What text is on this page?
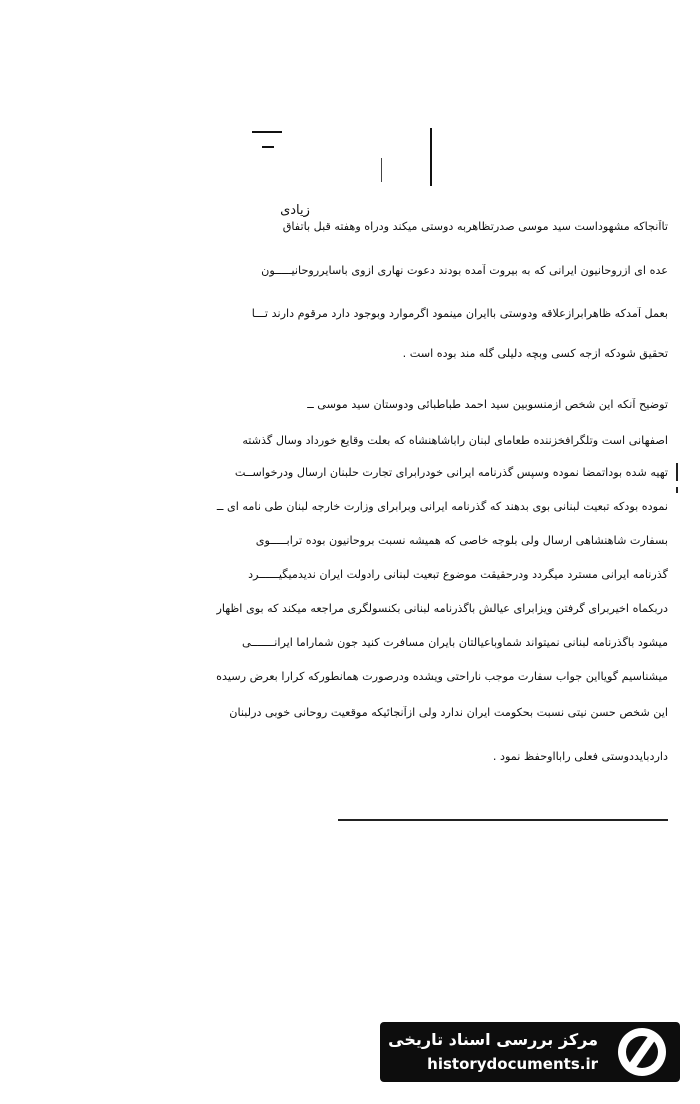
زیادی
تاآنجاکه مشهوداست سید موسی صدرتظاهربه دوستی میکند ودراه وهفته قبل باتفاق
عده ای ازروحانیون ایرانی که به بیروت آمده بودند دعوت نهاری ازوی باسایرروحانیـــــون
بعمل آمدکه ظاهرابرازعلاقه ودوستی باایران مینمود اگرموارد وبوجود دارد مرقوم دارند تـــا
تحقیق شودکه ازجه کسی وبچه دلیلی گله مند بوده است .
توضیح آنکه این شخص ازمنسوبین سید احمد طباطبائی ودوستان سید موسی ــ
اصفهانی است وتلگرافخزننده طعامای لبنان راباشاهنشاه که بعلت وقایع خورداد وسال گذشته
تهیه شده بوداتمضا نموده وسپس گذرنامه ایرانی خودرابرای تجارت حلبنان ارسال ودرخواســت
نموده بودکه تبعیت لبنانی بوی بدهند که گذرنامه ایرانی وبرابرای وزارت خارجه لبنان طی نامه ای ــ
بسفارت شاهنشاهی ارسال ولی بلوجه خاصی که همیشه نسبت بروحانیون بوده ترابـــــوی
گذرنامه ایرانی مسترد میگردد ودرحقیقت موضوع تبعیت لبنانی رادولت ایران ندیدمیگیــــــرد
دربکماه اخیربرای گرفتن ویزابرای عیالش باگذرنامه لبنانی بکنسولگری مراجعه میکند که بوی اظهار
میشود باگذرنامه لبنانی نمیتواند شماوباعیالتان بایران مسافرت کنید جون شماراما ایرانـــــــی
میشناسیم گویااین جواب سفارت موجب ناراحتی ویشده ودرصورت همانطورکه کرارا بعرض رسیده
این شخص حسن نیتی نسبت بحکومت ایران ندارد ولی ازآنجائیکه موقعیت روحانی خوبی درلبنان
داردبایددوستی فعلی رابااوحفظ نمود .
مرکز بررسی اسناد تاریخی
historydocuments.ir
